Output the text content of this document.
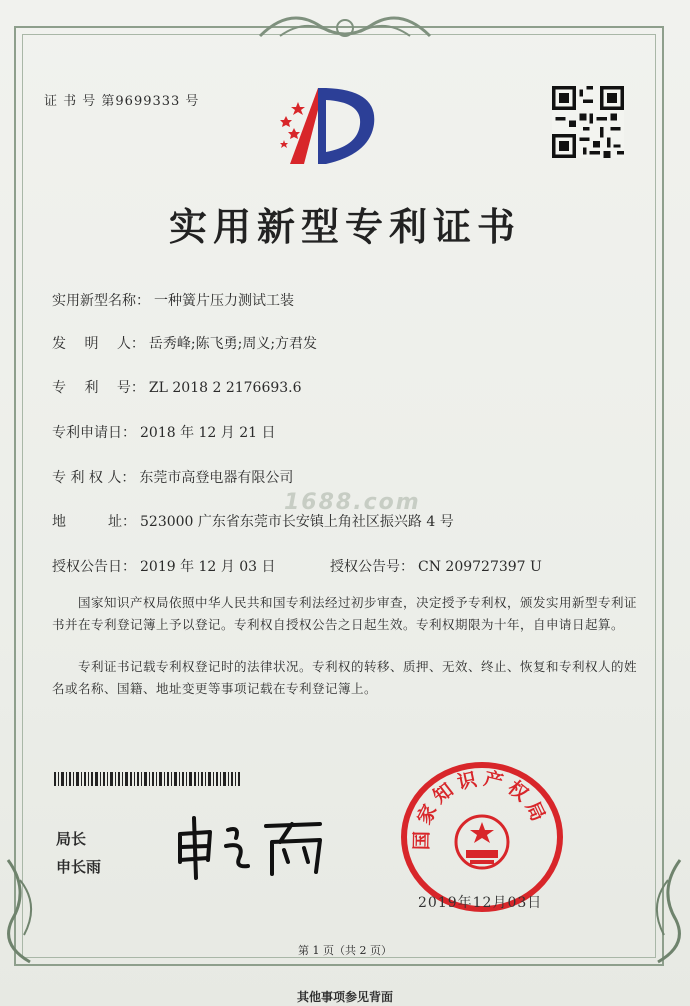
证 书 号 第9699333 号
实用新型专利证书
实用新型名称： 一种簧片压力测试工装
发　 明　 人： 岳秀峰;陈飞勇;周义;方君发
专　 利　 号： ZL 2018 2 2176693.6
专利申请日： 2018 年 12 月 21 日
专 利 权 人： 东莞市高登电器有限公司
1688.com
地　　　址： 523000 广东省东莞市长安镇上角社区振兴路 4 号
授权公告日： 2019 年 12 月 03 日	授权公告号： CN 209727397 U
国家知识产权局依照中华人民共和国专利法经过初步审查，决定授予专利权，颁发实用新型专利证书并在专利登记簿上予以登记。专利权自授权公告之日起生效。专利权期限为十年，自申请日起算。
专利证书记载专利权登记时的法律状况。专利权的转移、质押、无效、终止、恢复和专利权人的姓名或名称、国籍、地址变更等事项记载在专利登记簿上。
局长
申长雨
国家知识产权局
2019年12月03日
第 1 页（共 2 页）
其他事项参见背面
